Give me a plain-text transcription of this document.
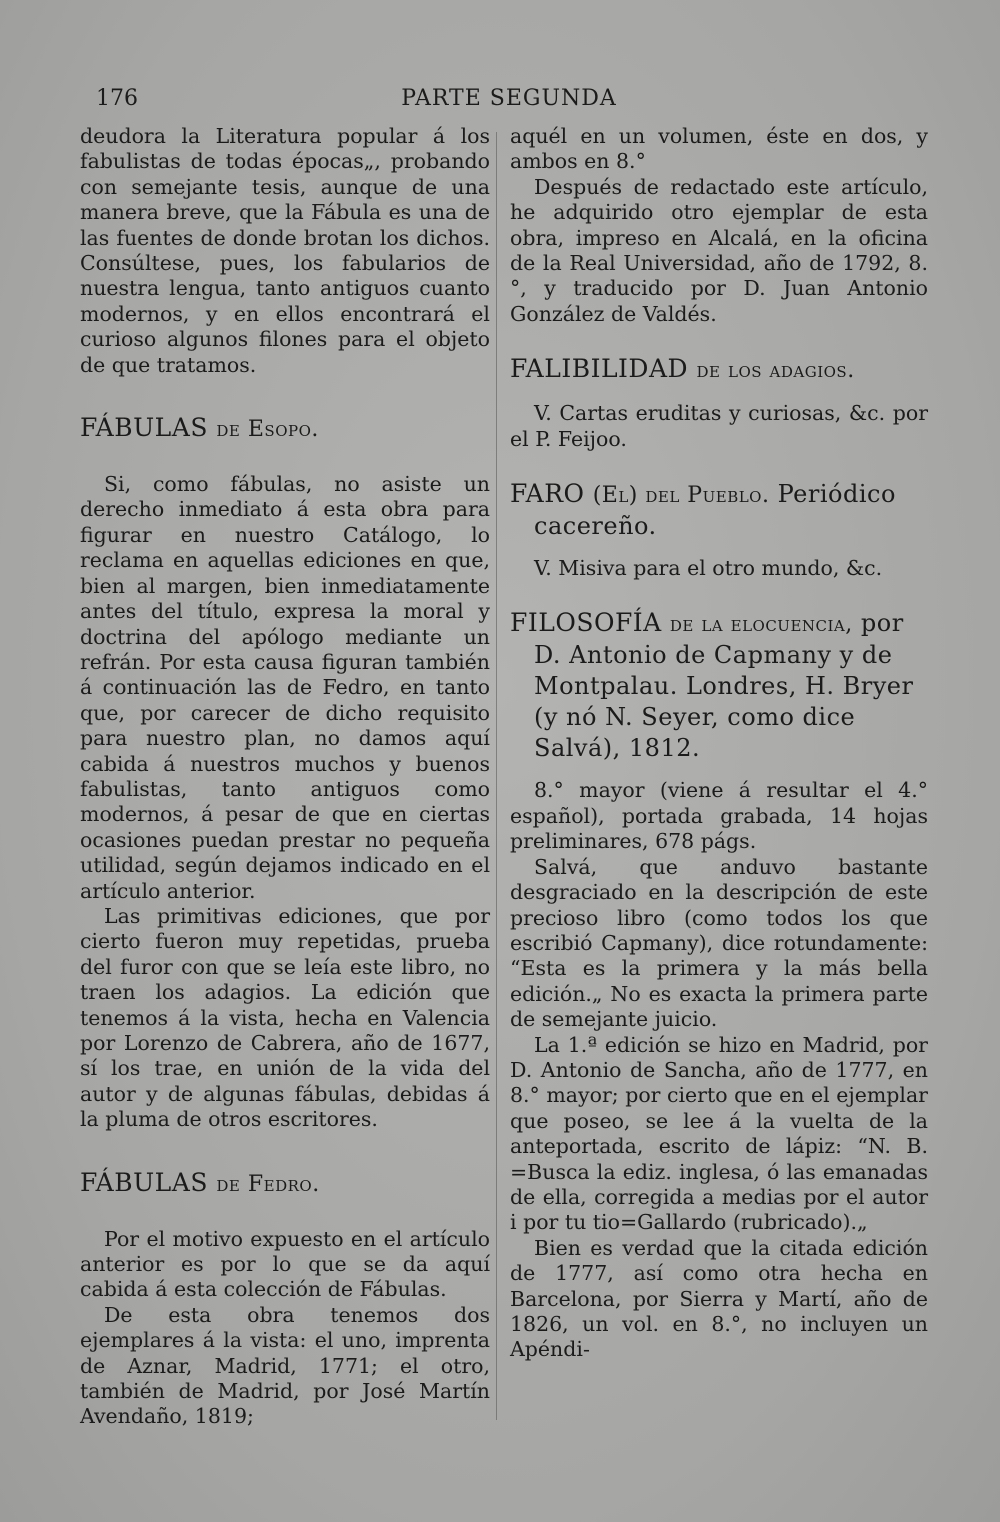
176	PARTE SEGUNDA

deudora la Literatura popular á los fabulistas de todas épocas„, probando con semejante tesis, aunque de una manera breve, que la Fábula es una de las fuentes de donde brotan los dichos. Consúltese, pues, los fabularios de nuestra lengua, tanto antiguos cuanto modernos, y en ellos encontrará el curioso algunos filones para el objeto de que tratamos.

FÁBULAS de Esopo.

Si, como fábulas, no asiste un derecho inmediato á esta obra para figurar en nuestro Catálogo, lo reclama en aquellas ediciones en que, bien al margen, bien inmediatamente antes del título, expresa la moral y doctrina del apólogo mediante un refrán. Por esta causa figuran también á continuación las de Fedro, en tanto que, por carecer de dicho requisito para nuestro plan, no damos aquí cabida á nuestros muchos y buenos fabulistas, tanto antiguos como modernos, á pesar de que en ciertas ocasiones puedan prestar no pequeña utilidad, según dejamos indicado en el artículo anterior.

Las primitivas ediciones, que por cierto fueron muy repetidas, prueba del furor con que se leía este libro, no traen los adagios. La edición que tenemos á la vista, hecha en Valencia por Lorenzo de Cabrera, año de 1677, sí los trae, en unión de la vida del autor y de algunas fábulas, debidas á la pluma de otros escritores.

FÁBULAS de Fedro.

Por el motivo expuesto en el artículo anterior es por lo que se da aquí cabida á esta colección de Fábulas.

De esta obra tenemos dos ejemplares á la vista: el uno, imprenta de Aznar, Madrid, 1771; el otro, también de Madrid, por José Martín Avendaño, 1819;

aquél en un volumen, éste en dos, y ambos en 8.°

Después de redactado este artículo, he adquirido otro ejemplar de esta obra, impreso en Alcalá, en la oficina de la Real Universidad, año de 1792, 8.°, y traducido por D. Juan Antonio González de Valdés.

FALIBILIDAD de los adagios.

V. Cartas eruditas y curiosas, &c. por el P. Feijoo.

FARO (El) del Pueblo. Periódico cacereño.

V. Misiva para el otro mundo, &c.

FILOSOFÍA de la elocuencia, por D. Antonio de Capmany y de Montpalau. Londres, H. Bryer (y nó N. Seyer, como dice Salvá), 1812.

8.° mayor (viene á resultar el 4.° español), portada grabada, 14 hojas preliminares, 678 págs.

Salvá, que anduvo bastante desgraciado en la descripción de este precioso libro (como todos los que escribió Capmany), dice rotundamente: “Esta es la primera y la más bella edición.„ No es exacta la primera parte de semejante juicio.

La 1.ª edición se hizo en Madrid, por D. Antonio de Sancha, año de 1777, en 8.° mayor; por cierto que en el ejemplar que poseo, se lee á la vuelta de la anteportada, escrito de lápiz: “N. B. =Busca la ediz. inglesa, ó las emanadas de ella, corregida a medias por el autor i por tu tio=Gallardo (rubricado).„

Bien es verdad que la citada edición de 1777, así como otra hecha en Barcelona, por Sierra y Martí, año de 1826, un vol. en 8.°, no incluyen un Apéndi-
